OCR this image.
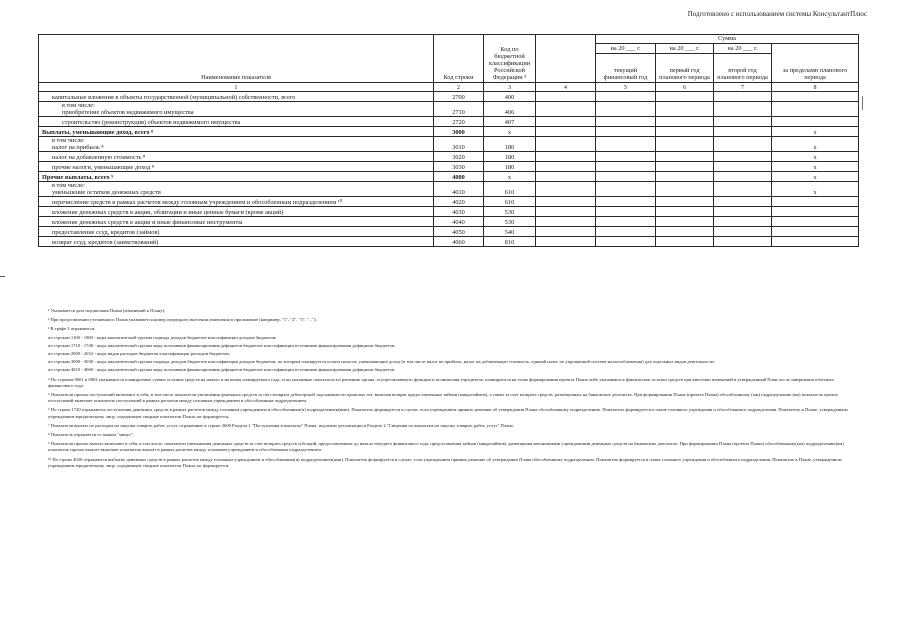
Подготовлено с использованием системы КонсультантПлюс
Наименование показателя	Код строки	Код по бюджетной классификации Российской Федерации ³		Сумма			
				на 20 ___ г.	на 20 ___ г.	на 20 ___ г.	за пределами планового периода
				текущий финансовый год	первый год планового периода	второй год планового периода	
1	2	3	4	5	6	7	8
капитальные вложения в объекты государственной (муниципальной) собственности, всего	2700	400					
в том числе:
приобретение объектов недвижимого имущества	2710	406					
строительство (реконструкция) объектов недвижимого имущества	2720	407					
Выплаты, уменьшающие доход, всего ⁸	3000	x					x
в том числе:
налог на прибыль ⁸	3010	180					x
налог на добавленную стоимость ⁸	3020	180					x
прочие налоги, уменьшающие доход ⁸	3030	180					x
Прочие выплаты, всего ⁹	4000	x					x
в том числе:
уменьшение остатков денежных средств	4010	610					x
перечисление средств в рамках расчетов между головным учреждением и обособленным подразделением ¹⁰	4020	610					
вложение денежных средств в акции, облигации и иные ценные бумаги (кроме акций)	4030	530					
вложение денежных средств в акции и иные финансовые инструменты	4040	530					
предоставление ссуд, кредитов (займов)	4050	540					
возврат ссуд, кредитов (заимствований)	4060	810					

¹ Указывается дата подписания Плана (изменений к Плану).

² При представлении уточненного Плана указывается номер очередного внесения изменения в приложение (например, "1", "2", "3", "...").

³ В графе 3 отражаются:

по строкам 1100 - 1900 - коды аналитической группы подвида доходов бюджетов классификации доходов бюджетов;

по строкам 1710 - 1740 - коды аналитической группы вида источников финансирования дефицитов бюджетов классификации источников финансирования дефицитов бюджетов;

по строкам 2000 - 2652 - коды видов расходов бюджетов классификации расходов бюджетов;

по строкам 3000 - 3030 - коды аналитической группы подвида доходов бюджетов классификации доходов бюджетов, по которым планируется уплата налогов, уменьшающих доход (в том числе налог на прибыль, налог на добавленную стоимость, единый налог по упрощенной системе налогообложения) для отдельных видов деятельности;

по строкам 4010 - 4060 - коды аналитической группы вида источников финансирования дефицитов бюджетов классификации источников финансирования дефицитов бюджетов.

⁴ По строкам 0001 и 0002 указываются планируемые суммы остатков средств на начало и на конец планируемого года, если указанные показатели по решению органа, осуществляющего функции и полномочия учредителя, планируются на этапе формирования проекта Плана либо указываются фактические остатки средств при внесении изменений в утвержденный План после завершения отчетного финансового года.

⁵ Показатели прочих поступлений включают в себя, в том числе показатели увеличения денежных средств за счет возврата дебиторской задолженности прошлых лет, включая возврат предоставленных займов (микрозаймов), а также за счет возврата средств, размещенных на банковских депозитах. При формировании Плана (проекта Плана) обособленному (ым) подразделению (ям) показатель прочих поступлений включает показатель поступлений в рамках расчетов между головным учреждением и обособленным подразделением.

⁶ По строке 1720 отражаются поступления денежных средств в рамках расчетов между головным учреждением и обособленным(и) подразделением(ями). Показатель формируется в случае, если учреждением принято решение об утверждении Плана обособленному подразделению. Показатель формируется в плане головного учреждения и обособленного подразделения. Показатель в Плане, утвержденном учреждением юридическому лицу, содержащем сводные показатели Плана, не формируется.

⁷ Показатели выплат по расходам на закупки товаров, работ, услуг, отраженные в строке 2600 Раздела 1 "Поступления и выплаты" Плана, подлежат детализации в Разделе 2 "Сведения по выплатам на закупку товаров, работ, услуг" Плана.

⁸ Показатель отражается со знаком "минус".

⁹ Показатели прочих выплат включают в себя, в том числе, показатели уменьшения денежных средств за счет возврата средств субсидий, предоставленных до начала текущего финансового года, предоставления займов (микрозаймов), размещения автономными учреждениями денежных средств на банковских депозитах. При формировании Плана (проекта Плана) обособленному(ым) подразделению(ям) показатель прочих выплат включает показатель выплат в рамках расчетов между головным учреждением и обособленным подразделением.

¹⁰ По строке 4020 отражаются выбытие денежных средств в рамках расчетов между головным учреждением и обособленным(и) подразделением(ями). Показатель формируется в случае, если учреждением принято решение об утверждении Плана обособленному подразделению. Показатель формируется в плане головного учреждения и обособленного подразделения. Показатель в Плане, утвержденном учреждением юридическому лицу, содержащем сводные показатели Плана, не формируется.
